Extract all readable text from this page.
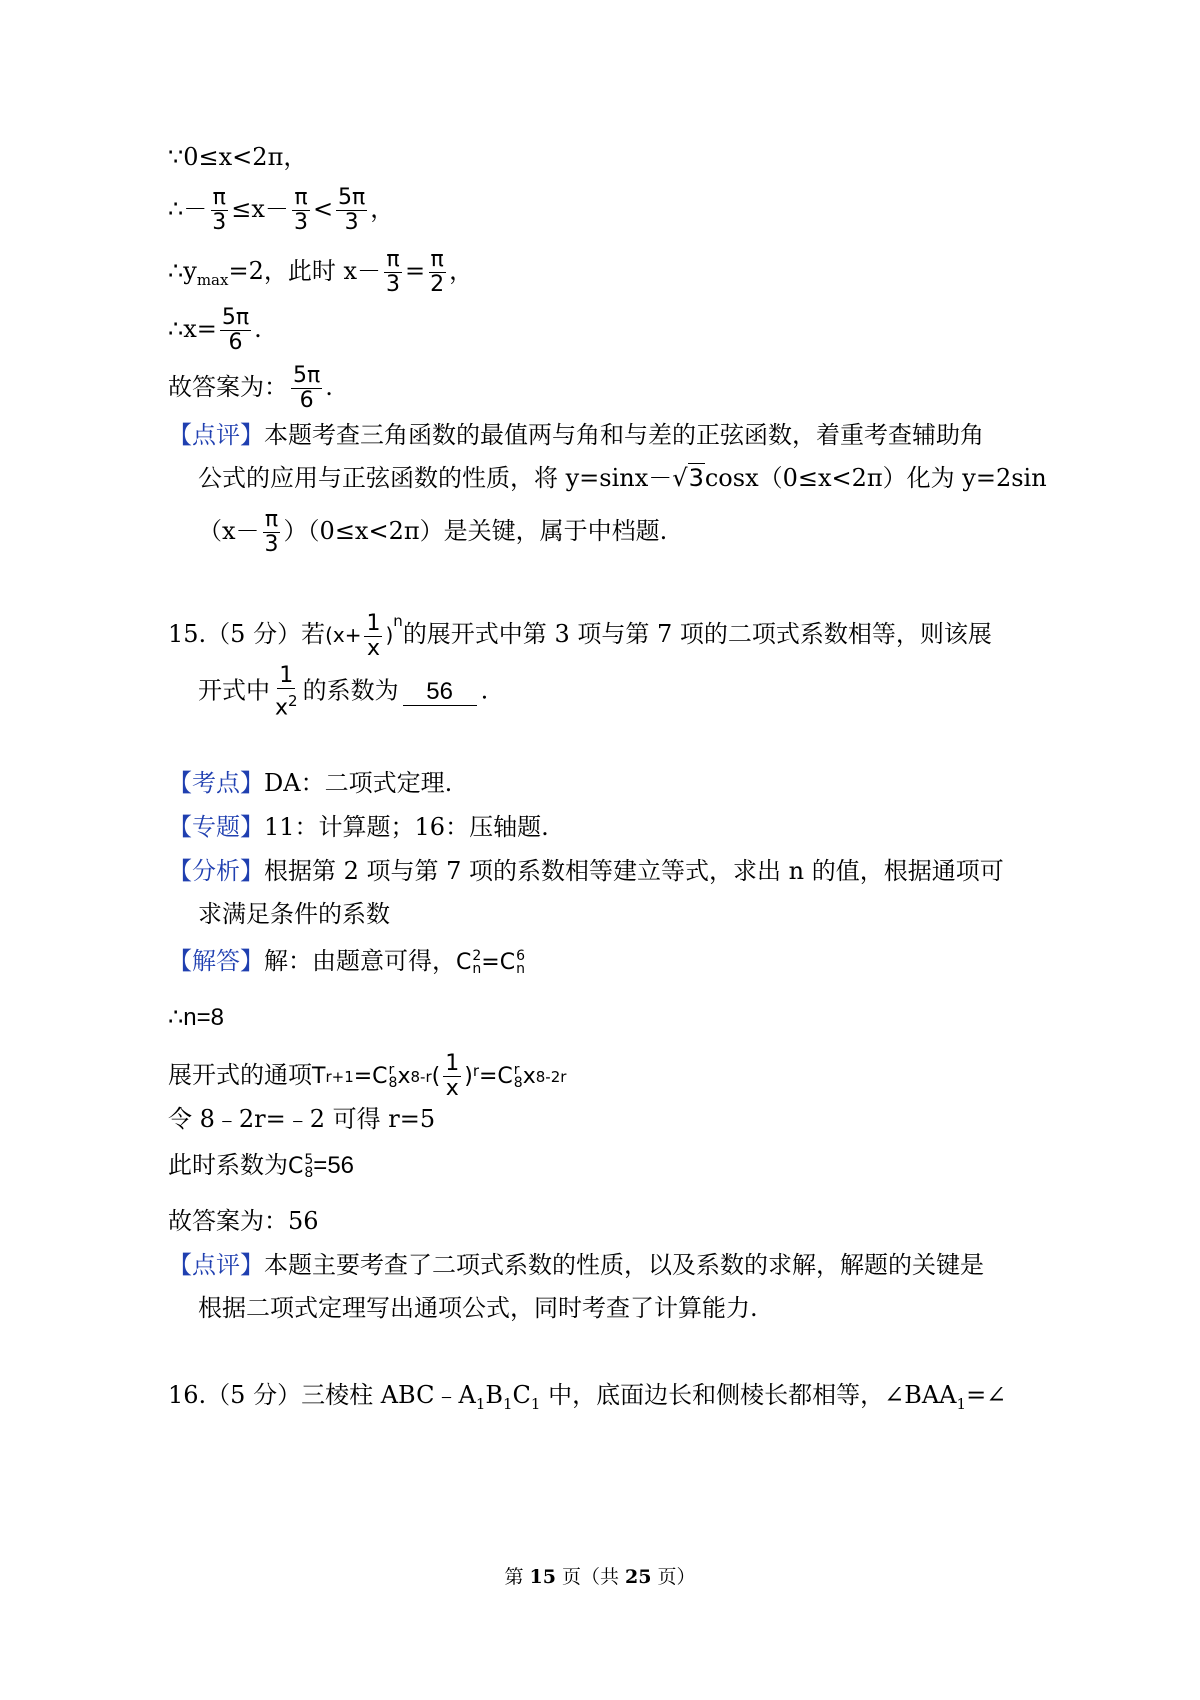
∵0≤x<2π，
∴－ $\frac{\pi}{3} \le x- \frac{\pi}{3} < \frac{5\pi}{3}$ ，
$\therefore y_{max}=2$，此时 $x- \frac{\pi}{3} = \frac{\pi}{2}$ ，
∴x= $\frac{5\pi}{6}$ .
故答案为： $\frac{5\pi}{6}$ .
【点评】本题考查三角函数的最值两与角和与差的正弦函数，着重考查辅助角
公式的应用与正弦函数的性质，将 y=sinx－√3cosx（0≤x<2π）化为 y=2sin
$(x- \frac{\pi}{3} )(0\le x<2\pi)$是关键，属于中档题.
15.（5 分）若$(x+ \frac{1}{x} )^n$的展开式中第 3 项与第 7 项的二项式系数相等，则该展
开式中 $\frac{1}{x^2}$ 的系数为 56 .
【考点】DA：二项式定理.
【专题】11：计算题；16：压轴题.
【分析】根据第 2 项与第 7 项的系数相等建立等式，求出 n 的值，根据通项可
求满足条件的系数
【解答】解：由题意可得， C 2
n = C 6
n
∴n=8
展开式的通项 T r+1 = C r
8 x 8-r ( $\frac{1}{x}$ ) r = C r
8 x 8-2r
令 8﹣2r=﹣2 可得 r=5
此时系数为 C 5
8 =56
故答案为：56
【点评】本题主要考查了二项式系数的性质，以及系数的求解，解题的关键是
根据二项式定理写出通项公式，同时考查了计算能力.
16.（5 分）三棱柱 $ABC﹣A_1B_1C_1$ 中，底面边长和侧棱长都相等，$\angle BAA_1=\angle$
第 15 页（共 25 页）
